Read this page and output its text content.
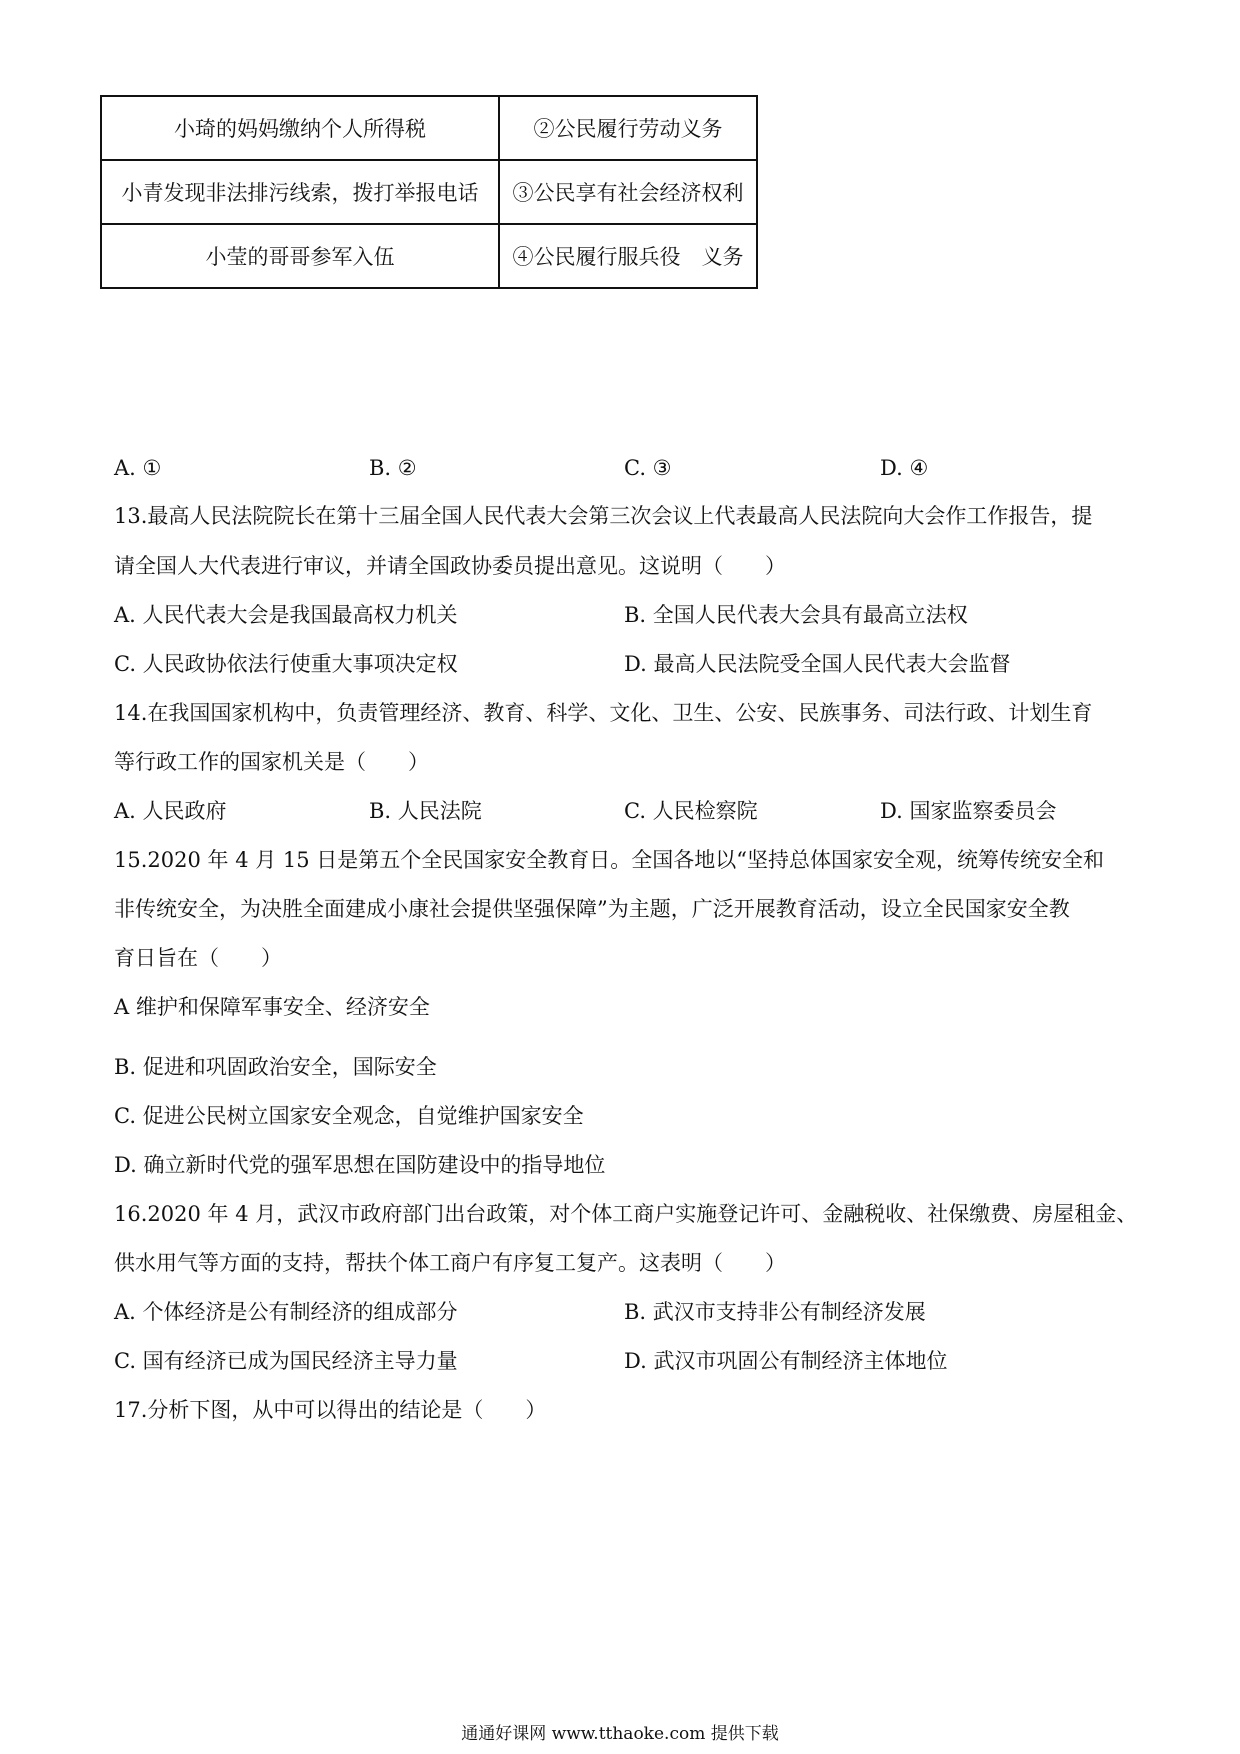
小琦的妈妈缴纳个人所得税	②公民履行劳动义务
小青发现非法排污线索，拨打举报电话	③公民享有社会经济权利
小莹的哥哥参军入伍	④公民履行服兵役　义务
A. ①	B. ②	C. ③	D. ④
13.最高人民法院院长在第十三届全国人民代表大会第三次会议上代表最高人民法院向大会作工作报告，提
请全国人大代表进行审议，并请全国政协委员提出意见。这说明（　　）
A. 人民代表大会是我国最高权力机关	B. 全国人民代表大会具有最高立法权
C. 人民政协依法行使重大事项决定权	D. 最高人民法院受全国人民代表大会监督
14.在我国国家机构中，负责管理经济、教育、科学、文化、卫生、公安、民族事务、司法行政、计划生育
等行政工作的国家机关是（　　）
A. 人民政府	B. 人民法院	C. 人民检察院	D. 国家监察委员会
15.2020 年 4 月 15 日是第五个全民国家安全教育日。全国各地以“坚持总体国家安全观，统筹传统安全和
非传统安全，为决胜全面建成小康社会提供坚强保障”为主题，广泛开展教育活动，设立全民国家安全教
育日旨在（　　）
A 维护和保障军事安全、经济安全
B. 促进和巩固政治安全，国际安全
C. 促进公民树立国家安全观念，自觉维护国家安全
D. 确立新时代党的强军思想在国防建设中的指导地位
16.2020 年 4 月，武汉市政府部门出台政策，对个体工商户实施登记许可、金融税收、社保缴费、房屋租金、
供水用气等方面的支持，帮扶个体工商户有序复工复产。这表明（　　）
A. 个体经济是公有制经济的组成部分	B. 武汉市支持非公有制经济发展
C. 国有经济已成为国民经济主导力量	D. 武汉市巩固公有制经济主体地位
17.分析下图，从中可以得出的结论是（　　）
通通好课网 www.tthaoke.com 提供下载
